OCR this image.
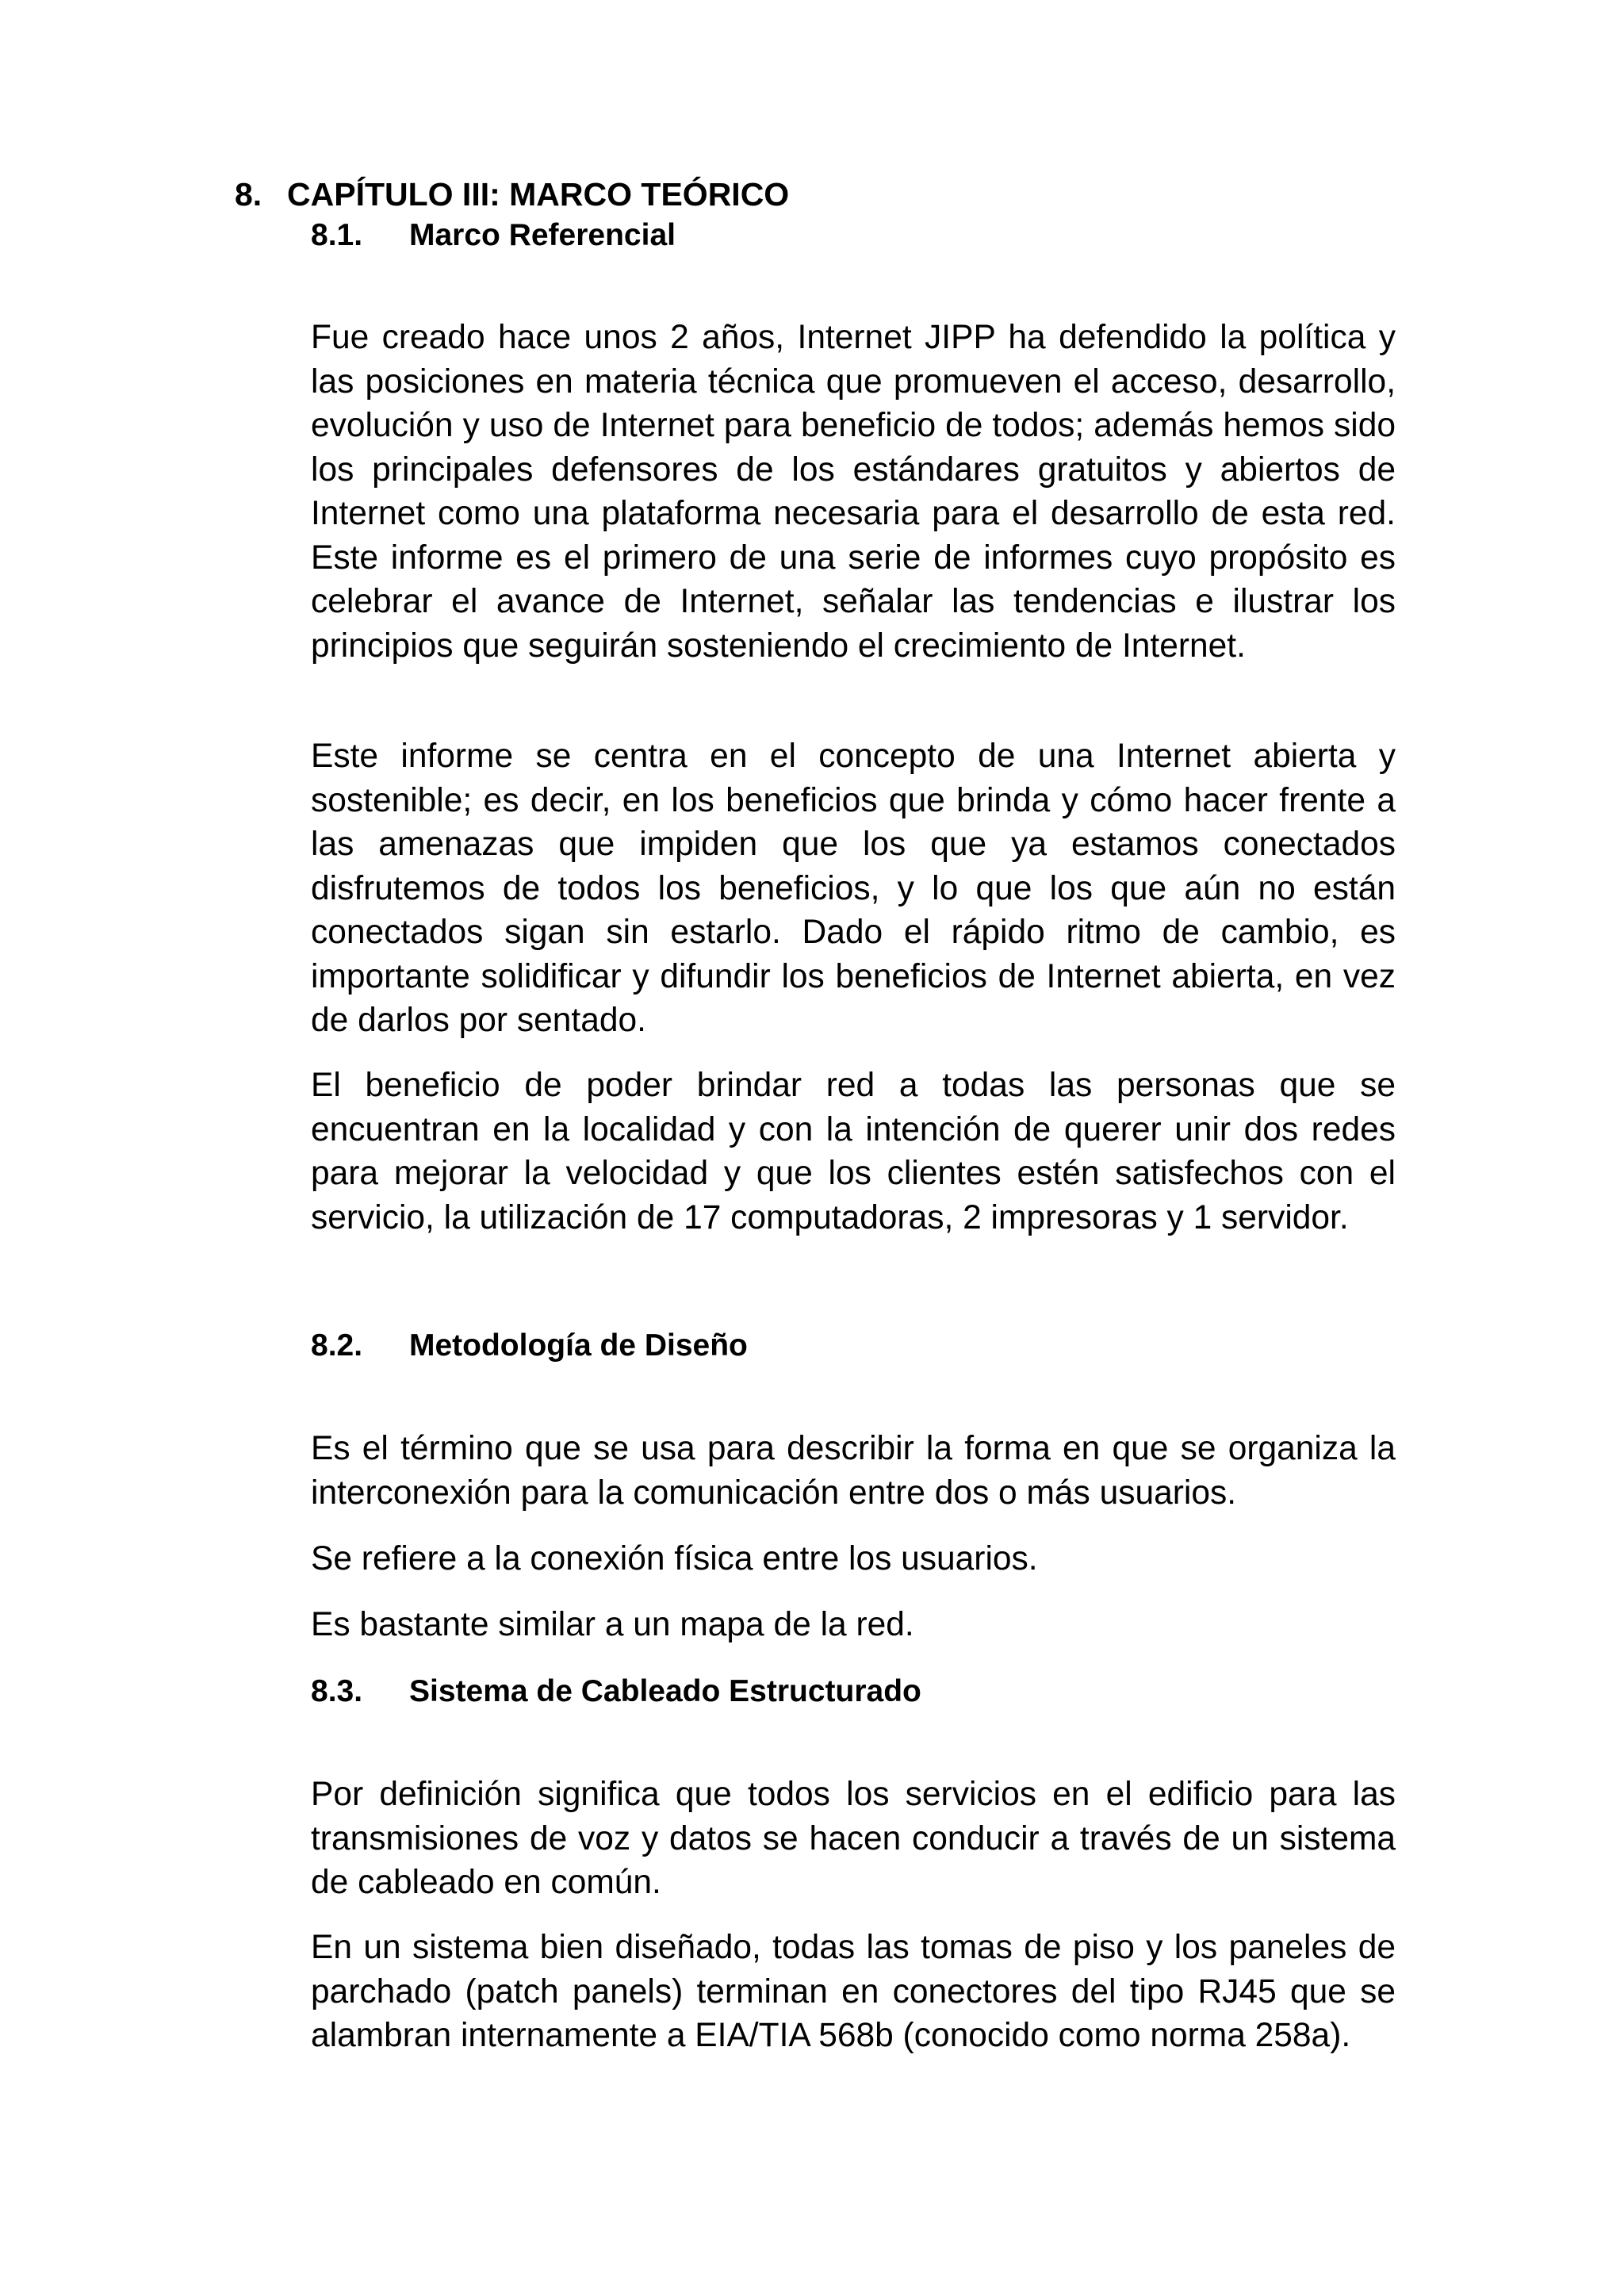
8. CAPÍTULO III: MARCO TEÓRICO
8.1. Marco Referencial

Fue creado hace unos 2 años, Internet JIPP ha defendido la política y las posiciones en materia técnica que promueven el acceso, desarrollo, evolución y uso de Internet para beneficio de todos; además hemos sido los principales defensores de los estándares gratuitos y abiertos de Internet como una plataforma necesaria para el desarrollo de esta red. Este informe es el primero de una serie de informes cuyo propósito es celebrar el avance de Internet, señalar las tendencias e ilustrar los principios que seguirán sosteniendo el crecimiento de Internet.

Este informe se centra en el concepto de una Internet abierta y sostenible; es decir, en los beneficios que brinda y cómo hacer frente a las amenazas que impiden que los que ya estamos conectados disfrutemos de todos los beneficios, y lo que los que aún no están conectados sigan sin estarlo. Dado el rápido ritmo de cambio, es importante solidificar y difundir los beneficios de Internet abierta, en vez de darlos por sentado.

El beneficio de poder brindar red a todas las personas que se encuentran en la localidad y con la intención de querer unir dos redes para mejorar la velocidad y que los clientes estén satisfechos con el servicio, la utilización de 17 computadoras, 2 impresoras y 1 servidor.

8.2. Metodología de Diseño

Es el término que se usa para describir la forma en que se organiza la interconexión para la comunicación entre dos o más usuarios.

Se refiere a la conexión física entre los usuarios.

Es bastante similar a un mapa de la red.

8.3. Sistema de Cableado Estructurado

Por definición significa que todos los servicios en el edificio para las transmisiones de voz y datos se hacen conducir a través de un sistema de cableado en común.

En un sistema bien diseñado, todas las tomas de piso y los paneles de parchado (patch panels) terminan en conectores del tipo RJ45 que se alambran internamente a EIA/TIA 568b (conocido como norma 258a).
